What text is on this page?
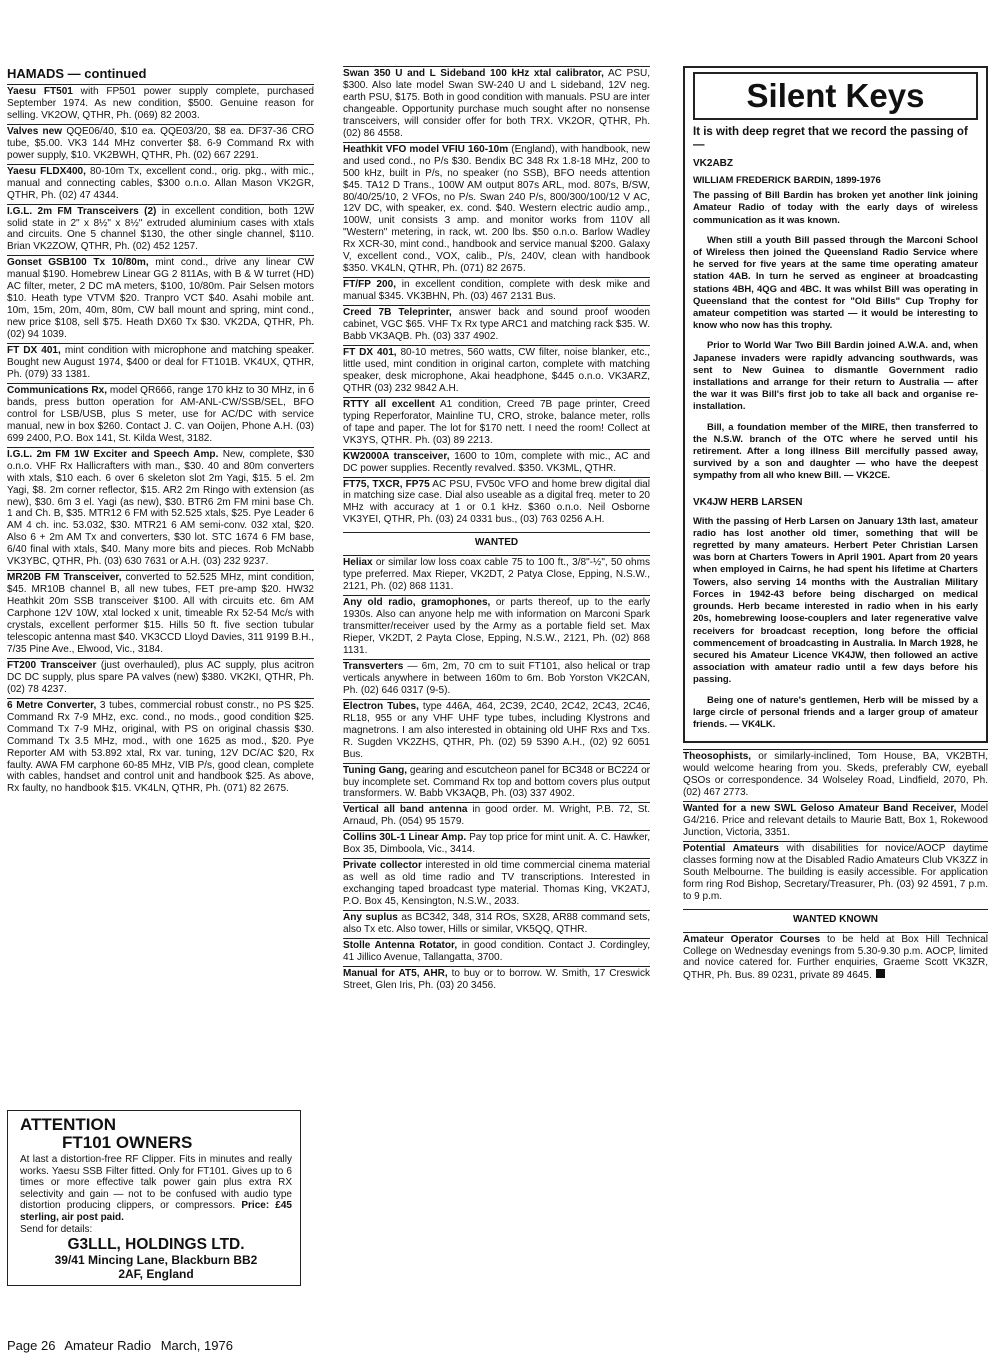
HAMADS — continued
Yaesu FT501 with FP501 power supply complete, purchased September 1974. As new condition, $500. Genuine reason for selling. VK2OW, QTHR, Ph. (069) 82 2003.
Valves new QQE06/40, $10 ea. QQE03/20, $8 ea. DF37-36 CRO tube, $5.00. VK3 144 MHz converter $8. 6-9 Command Rx with power supply, $10. VK2BWH, QTHR, Ph. (02) 667 2291.
Yaesu FLDX400, 80-10m Tx, excellent cond., orig. pkg., with mic., manual and connecting cables, $300 o.n.o. Allan Mason VK2GR, QTHR, Ph. (02) 47 4344.
I.G.L. 2m FM Transceivers (2) in excellent condition, both 12W solid state in 2" x 8½" x 8½" extruded aluminium cases with xtals and circuits. One 5 channel $130, the other single channel, $110. Brian VK2ZOW, QTHR, Ph. (02) 452 1257.
Gonset GSB100 Tx 10/80m, mint cond., drive any linear CW manual $190. Homebrew Linear GG 2 811As, with B & W turret (HD) AC filter, meter, 2 DC mA meters, $100, 10/80m. Pair Selsen motors $10. Heath type VTVM $20. Tranpro VCT $40. Asahi mobile ant. 10m, 15m, 20m, 40m, 80m, CW ball mount and spring, mint cond., new price $108, sell $75. Heath DX60 Tx $30. VK2DA, QTHR, Ph. (02) 94 1039.
FT DX 401, mint condition with microphone and matching speaker. Bought new August 1974, $400 or deal for FT101B. VK4UX, QTHR, Ph. (079) 33 1381.
Communications Rx, model QR666, range 170 kHz to 30 MHz, in 6 bands, press button operation for AM-ANL-CW/SSB/SEL, BFO control for LSB/USB, plus S meter, use for AC/DC with service manual, new in box $260. Contact J. C. van Ooijen, Phone A.H. (03) 699 2400, P.O. Box 141, St. Kilda West, 3182.
I.G.L. 2m FM 1W Exciter and Speech Amp. New, complete, $30 o.n.o. VHF Rx Hallicrafters with man., $30. 40 and 80m converters with xtals, $10 each. 6 over 6 skeleton slot 2m Yagi, $15. 5 el. 2m Yagi, $8. 2m corner reflector, $15. AR2 2m Ringo with extension (as new), $30. 6m 3 el. Yagi (as new), $30. BTR6 2m FM mini base Ch. 1 and Ch. B, $35. MTR12 6 FM with 52.525 xtals, $25. Pye Leader 6 AM 4 ch. inc. 53.032, $30. MTR21 6 AM semi-conv. 032 xtal, $20. Also 6 + 2m AM Tx and converters, $30 lot. STC 1674 6 FM base, 6/40 final with xtals, $40. Many more bits and pieces. Rob McNabb VK3YBC, QTHR, Ph. (03) 630 7631 or A.H. (03) 232 9237.
MR20B FM Transceiver, converted to 52.525 MHz, mint condition, $45. MR10B channel B, all new tubes, FET pre-amp $20. HW32 Heathkit 20m SSB transceiver $100. All with circuits etc. 6m AM Carphone 12V 10W, xtal locked x unit, timeable Rx 52-54 Mc/s with crystals, excellent performer $15. Hills 50 ft. five section tubular telescopic antenna mast $40. VK3CCD Lloyd Davies, 311 9199 B.H., 7/35 Pine Ave., Elwood, Vic., 3184.
FT200 Transceiver (just overhauled), plus AC supply, plus acitron DC DC supply, plus spare PA valves (new) $380. VK2KI, QTHR, Ph. (02) 78 4237.
6 Metre Converter, 3 tubes, commercial robust constr., no PS $25. Command Rx 7-9 MHz, exc. cond., no mods., good condition $25. Command Tx 7-9 MHz, original, with PS on original chassis $30. Command Tx 3.5 MHz, mod., with one 1625 as mod., $20. Pye Reporter AM with 53.892 xtal, Rx var. tuning, 12V DC/AC $20, Rx faulty. AWA FM carphone 60-85 MHz, VIB P/s, good clean, complete with cables, handset and control unit and handbook $25. As above, Rx faulty, no handbook $15. VK4LN, QTHR, Ph. (071) 82 2675.
ATTENTION
FT101 OWNERS
At last a distortion-free RF Clipper. Fits in minutes and really works. Yaesu SSB Filter fitted. Only for FT101. Gives up to 6 times or more effective talk power gain plus extra RX selectivity and gain — not to be confused with audio type distortion producing clippers, or compressors. Price: £45 sterling, air post paid.
Send for details:
G3LLL, HOLDINGS LTD.
39/41 Mincing Lane, Blackburn BB2
2AF, England
Swan 350 U and L Sideband 100 kHz xtal calibrator, AC PSU, $300. Also late model Swan SW-240 U and L sideband, 12V neg. earth PSU, $175. Both in good condition with manuals. PSU are inter changeable. Opportunity purchase much sought after no nonsense transceivers, will consider offer for both TRX. VK2OR, QTHR, Ph. (02) 86 4558.
Heathkit VFO model VFIU 160-10m (England), with handbook, new and used cond., no P/s $30. Bendix BC 348 Rx 1.8-18 MHz, 200 to 500 kHz, built in P/s, no speaker (no SSB), BFO needs attention $45. TA12 D Trans., 100W AM output 807s ARL, mod. 807s, B/SW, 80/40/25/10, 2 VFOs, no P/s. Swan 240 P/s, 800/300/100/12 V AC, 12V DC, with speaker, ex. cond. $40. Western electric audio amp., 100W, unit consists 3 amp. and monitor works from 110V all "Western" metering, in rack, wt. 200 lbs. $50 o.n.o. Barlow Wadley Rx XCR-30, mint cond., handbook and service manual $200. Galaxy V, excellent cond., VOX, calib., P/s, 240V, clean with handbook $350. VK4LN, QTHR, Ph. (071) 82 2675.
FT/FP 200, in excellent condition, complete with desk mike and manual $345. VK3BHN, Ph. (03) 467 2131 Bus.
Creed 7B Teleprinter, answer back and sound proof wooden cabinet, VGC $65. VHF Tx Rx type ARC1 and matching rack $35. W. Babb VK3AQB. Ph. (03) 337 4902.
FT DX 401, 80-10 metres, 560 watts, CW filter, noise blanker, etc., little used, mint condition in original carton, complete with matching speaker, desk microphone, Akai headphone, $445 o.n.o. VK3ARZ, QTHR (03) 232 9842 A.H.
RTTY all excellent A1 condition, Creed 7B page printer, Creed typing Reperforator, Mainline TU, CRO, stroke, balance meter, rolls of tape and paper. The lot for $170 nett. I need the room! Collect at VK3YS, QTHR. Ph. (03) 89 2213.
KW2000A transceiver, 1600 to 10m, complete with mic., AC and DC power supplies. Recently revalved. $350. VK3ML, QTHR.
FT75, TXCR, FP75 AC PSU, FV50c VFO and home brew digital dial in matching size case. Dial also useable as a digital freq. meter to 20 MHz with accuracy at 1 or 0.1 kHz. $360 o.n.o. Neil Osborne VK3YEI, QTHR, Ph. (03) 24 0331 bus., (03) 763 0256 A.H.
WANTED
Heliax or similar low loss coax cable 75 to 100 ft., 3/8"-½", 50 ohms type preferred. Max Rieper, VK2DT, 2 Patya Close, Epping, N.S.W., 2121, Ph. (02) 868 1131.
Any old radio, gramophones, or parts thereof, up to the early 1930s. Also can anyone help me with information on Marconi Spark transmitter/receiver used by the Army as a portable field set. Max Rieper, VK2DT, 2 Payta Close, Epping, N.S.W., 2121, Ph. (02) 868 1131.
Transverters — 6m, 2m, 70 cm to suit FT101, also helical or trap verticals anywhere in between 160m to 6m. Bob Yorston VK2CAN, Ph. (02) 646 0317 (9-5).
Electron Tubes, type 446A, 464, 2C39, 2C40, 2C42, 2C43, 2C46, RL18, 955 or any VHF UHF type tubes, including Klystrons and magnetrons. I am also interested in obtaining old UHF Rxs and Txs. R. Sugden VK2ZHS, QTHR, Ph. (02) 59 5390 A.H., (02) 92 6051 Bus.
Tuning Gang, gearing and escutcheon panel for BC348 or BC224 or buy incomplete set. Command Rx top and bottom covers plus output transformers. W. Babb VK3AQB, Ph. (03) 337 4902.
Vertical all band antenna in good order. M. Wright, P.B. 72, St. Arnaud, Ph. (054) 95 1579.
Collins 30L-1 Linear Amp. Pay top price for mint unit. A. C. Hawker, Box 35, Dimboola, Vic., 3414.
Private collector interested in old time commercial cinema material as well as old time radio and TV transcriptions. Interested in exchanging taped broadcast type material. Thomas King, VK2ATJ, P.O. Box 45, Kensington, N.S.W., 2033.
Any suplus as BC342, 348, 314 ROs, SX28, AR88 command sets, also Tx etc. Also tower, Hills or similar, VK5QQ, QTHR.
Stolle Antenna Rotator, in good condition. Contact J. Cordingley, 41 Jillico Avenue, Tallangatta, 3700.
Manual for AT5, AHR, to buy or to borrow. W. Smith, 17 Creswick Street, Glen Iris, Ph. (03) 20 3456.
Silent Keys
It is with deep regret that we record the passing of—
VK2ABZ
WILLIAM FREDERICK BARDIN, 1899-1976
The passing of Bill Bardin has broken yet another link joining Amateur Radio of today with the early days of wireless communication as it was known.
When still a youth Bill passed through the Marconi School of Wireless then joined the Queensland Radio Service where he served for five years at the same time operating amateur station 4AB. In turn he served as engineer at broadcasting stations 4BH, 4QG and 4BC. It was whilst Bill was operating in Queensland that the contest for "Old Bills" Cup Trophy for amateur competition was started — it would be interesting to know who now has this trophy.
Prior to World War Two Bill Bardin joined A.W.A. and, when Japanese invaders were rapidly advancing southwards, was sent to New Guinea to dismantle Government radio installations and arrange for their return to Australia — after the war it was Bill's first job to take all back and organise re-installation.
Bill, a foundation member of the MIRE, then transferred to the N.S.W. branch of the OTC where he served until his retirement. After a long illness Bill mercifully passed away, survived by a son and daughter — who have the deepest sympathy from all who knew Bill. — VK2CE.
VK4JW HERB LARSEN
With the passing of Herb Larsen on January 13th last, amateur radio has lost another old timer, something that will be regretted by many amateurs. Herbert Peter Christian Larsen was born at Charters Towers in April 1901. Apart from 20 years when employed in Cairns, he had spent his lifetime at Charters Towers, also serving 14 months with the Australian Military Forces in 1942-43 before being discharged on medical grounds. Herb became interested in radio when in his early 20s, homebrewing loose-couplers and later regenerative valve receivers for broadcast reception, long before the official commencement of broadcasting in Australia. In March 1928, he secured his Amateur Licence VK4JW, then followed an active association with amateur radio until a few days before his passing.
Being one of nature's gentlemen, Herb will be missed by a large circle of personal friends and a larger group of amateur friends. — VK4LK.
Theosophists, or similarly-inclined, Tom House, BA, VK2BTH, would welcome hearing from you. Skeds, preferably CW, eyeball QSOs or correspondence. 34 Wolseley Road, Lindfield, 2070, Ph. (02) 467 2773.
Wanted for a new SWL Geloso Amateur Band Receiver, Model G4/216. Price and relevant details to Maurie Batt, Box 1, Rokewood Junction, Victoria, 3351.
Potential Amateurs with disabilities for novice/AOCP daytime classes forming now at the Disabled Radio Amateurs Club VK3ZZ in South Melbourne. The building is easily accessible. For application form ring Rod Bishop, Secretary/Treasurer, Ph. (03) 92 4591, 7 p.m. to 9 p.m.
WANTED KNOWN
Amateur Operator Courses to be held at Box Hill Technical College on Wednesday evenings from 5.30-9.30 p.m. AOCP, limited and novice catered for. Further enquiries, Graeme Scott VK3ZR, QTHR, Ph. Bus. 89 0231, private 89 4645.
Page 26 Amateur Radio March, 1976
